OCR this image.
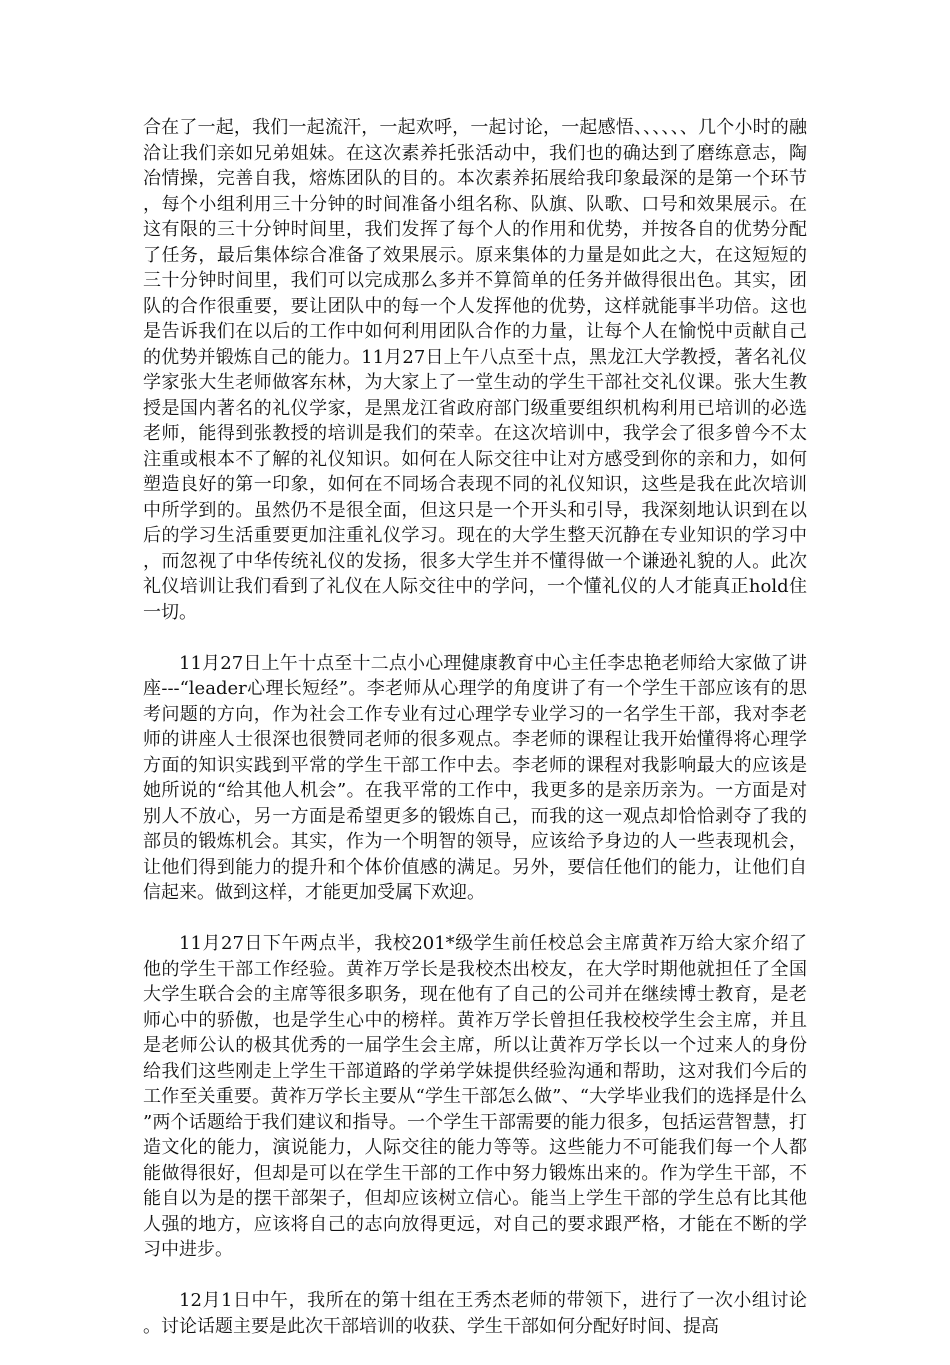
合在了一起，我们一起流汗，一起欢呼，一起讨论，一起感悟、、、、、、几个小时的融洽让我们亲如兄弟姐妹。在这次素养托张活动中，我们也的确达到了磨练意志，陶冶情操，完善自我，熔炼团队的目的。本次素养拓展给我印象最深的是第一个环节，每个小组利用三十分钟的时间准备小组名称、队旗、队歌、口号和效果展示。在这有限的三十分钟时间里，我们发挥了每个人的作用和优势，并按各自的优势分配了任务，最后集体综合准备了效果展示。原来集体的力量是如此之大，在这短短的三十分钟时间里，我们可以完成那么多并不算简单的任务并做得很出色。其实，团队的合作很重要，要让团队中的每一个人发挥他的优势，这样就能事半功倍。这也是告诉我们在以后的工作中如何利用团队合作的力量，让每个人在愉悦中贡献自己的优势并锻炼自己的能力。11月27日上午八点至十点，黑龙江大学教授，著名礼仪学家张大生老师做客东林，为大家上了一堂生动的学生干部社交礼仪课。张大生教授是国内著名的礼仪学家，是黑龙江省政府部门级重要组织机构利用已培训的必选老师，能得到张教授的培训是我们的荣幸。在这次培训中，我学会了很多曾今不太注重或根本不了解的礼仪知识。如何在人际交往中让对方感受到你的亲和力，如何塑造良好的第一印象，如何在不同场合表现不同的礼仪知识，这些是我在此次培训中所学到的。虽然仍不是很全面，但这只是一个开头和引导，我深刻地认识到在以后的学习生活重要更加注重礼仪学习。现在的大学生整天沉静在专业知识的学习中，而忽视了中华传统礼仪的发扬，很多大学生并不懂得做一个谦逊礼貌的人。此次礼仪培训让我们看到了礼仪在人际交往中的学问，一个懂礼仪的人才能真正hold住一切。

11月27日上午十点至十二点小心理健康教育中心主任李忠艳老师给大家做了讲座---“leader心理长短经”。李老师从心理学的角度讲了有一个学生干部应该有的思考问题的方向，作为社会工作专业有过心理学专业学习的一名学生干部，我对李老师的讲座人士很深也很赞同老师的很多观点。李老师的课程让我开始懂得将心理学方面的知识实践到平常的学生干部工作中去。李老师的课程对我影响最大的应该是她所说的“给其他人机会”。在我平常的工作中，我更多的是亲历亲为。一方面是对别人不放心，另一方面是希望更多的锻炼自己，而我的这一观点却恰恰剥夺了我的部员的锻炼机会。其实，作为一个明智的领导，应该给予身边的人一些表现机会，让他们得到能力的提升和个体价值感的满足。另外，要信任他们的能力，让他们自信起来。做到这样，才能更加受属下欢迎。

11月27日下午两点半，我校201*级学生前任校总会主席黄祚万给大家介绍了他的学生干部工作经验。黄祚万学长是我校杰出校友，在大学时期他就担任了全国大学生联合会的主席等很多职务，现在他有了自己的公司并在继续博士教育，是老师心中的骄傲，也是学生心中的榜样。黄祚万学长曾担任我校校学生会主席，并且是老师公认的极其优秀的一届学生会主席，所以让黄祚万学长以一个过来人的身份给我们这些刚走上学生干部道路的学弟学妹提供经验沟通和帮助，这对我们今后的工作至关重要。黄祚万学长主要从“学生干部怎么做”、“大学毕业我们的选择是什么”两个话题给于我们建议和指导。一个学生干部需要的能力很多，包括运营智慧，打造文化的能力，演说能力，人际交往的能力等等。这些能力不可能我们每一个人都能做得很好，但却是可以在学生干部的工作中努力锻炼出来的。作为学生干部，不能自以为是的摆干部架子，但却应该树立信心。能当上学生干部的学生总有比其他人强的地方，应该将自己的志向放得更远，对自己的要求跟严格，才能在不断的学习中进步。

12月1日中午，我所在的第十组在王秀杰老师的带领下，进行了一次小组讨论。讨论话题主要是此次干部培训的收获、学生干部如何分配好时间、提高
